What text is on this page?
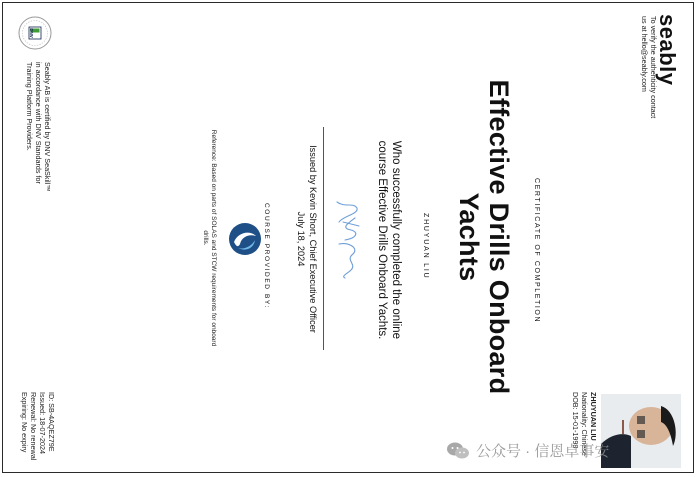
seably
To verify the authenticity contact
us at hello@seably.com
CERTIFICATE OF COMPLETION
Effective Drills Onboard
Yachts
ZHUYUAN LIU
Who successfully completed the online
course Effective Drills Onboard Yachts.
Issued by Kevin Short, Chief Executive Officer
July 18, 2024
COURSE PROVIDED BY:
Reference: Based on parts of SOLAS and STCW requirements for onboard
drills.
DNV
Seably AB is certified by DNV SeaSkill™
in accordance with DNV Standards for
Training Platform Providers.
ZHUYUAN LIU
Nationality: Chinese
DOB: 15-01-1998
ID: SB-4AQEZ79E
Issued: 18-07-2024
Renewal: No renewal
Expiring: No expiry	公众号 · 信恩卓事安
